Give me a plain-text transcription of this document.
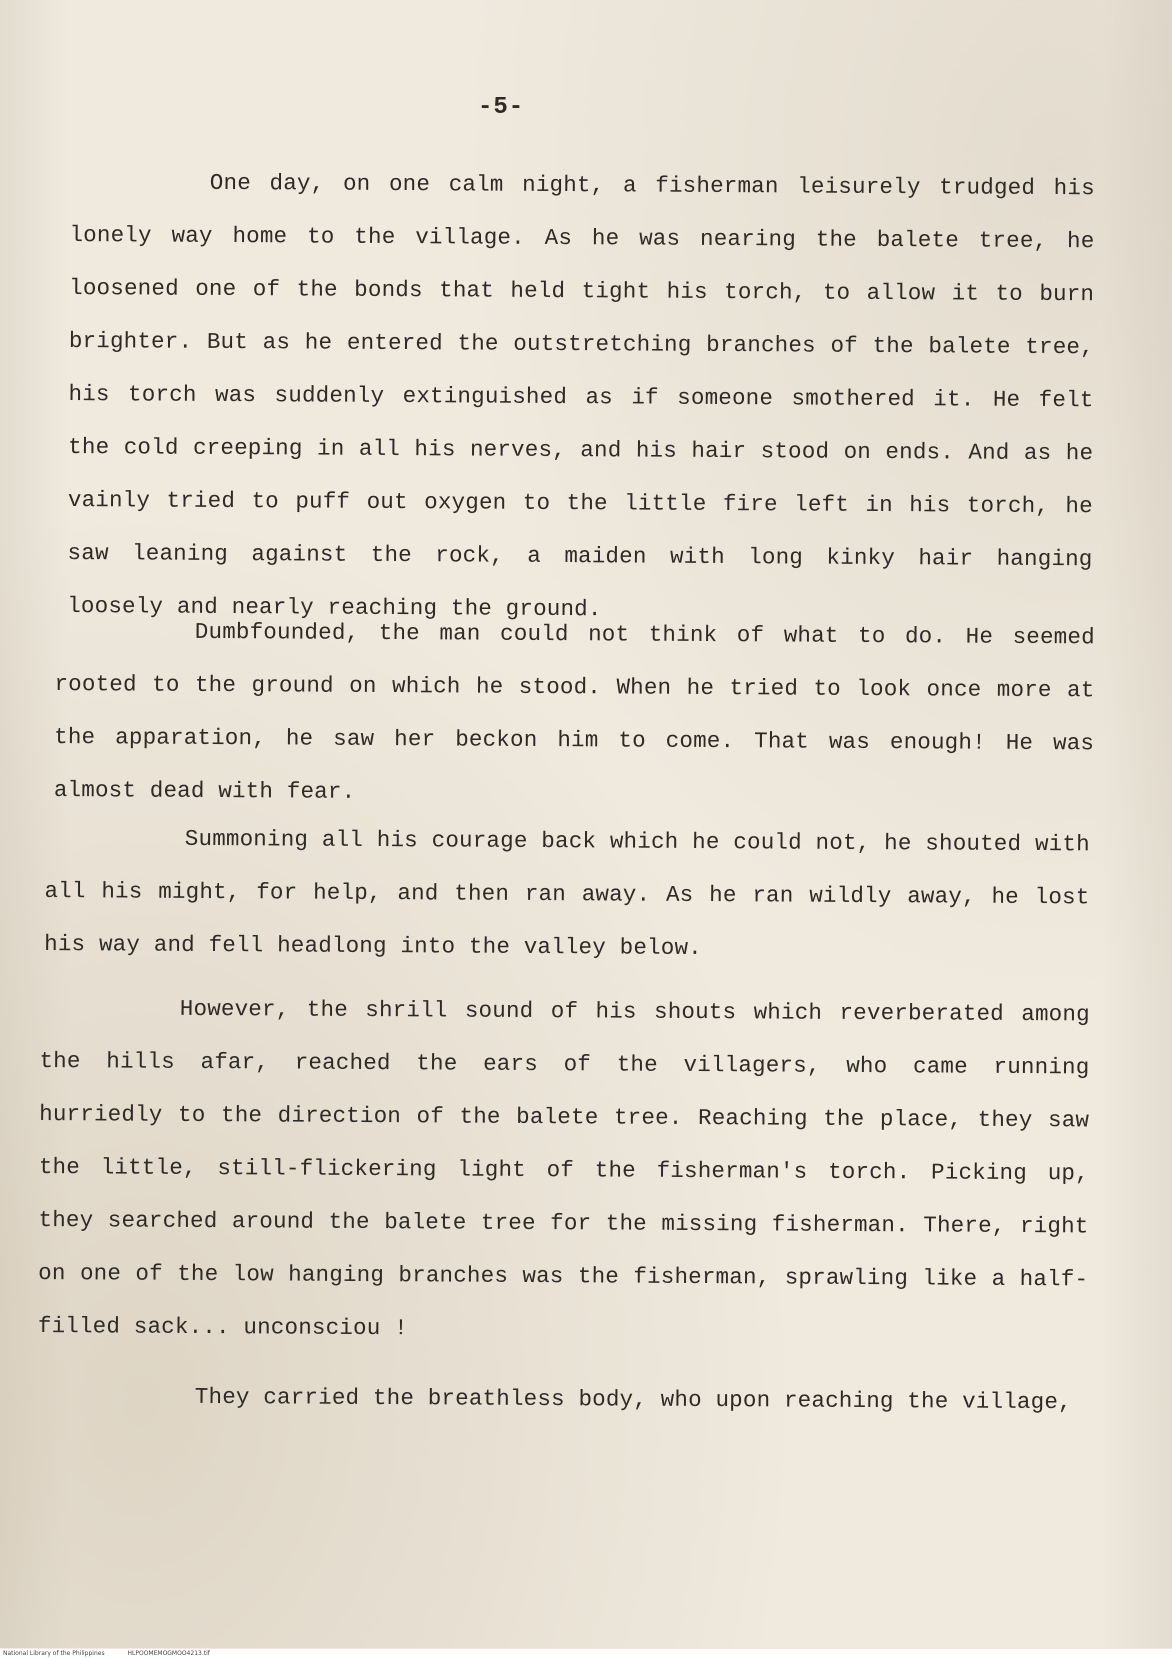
-5-

One day, on one calm night, a fisherman leisurely trudged his lonely way home to the village. As he was nearing the balete tree, he loosened one of the bonds that held tight his torch, to allow it to burn brighter. But as he entered the outstretching branches of the balete tree, his torch was suddenly extinguished as if someone smothered it. He felt the cold creeping in all his nerves, and his hair stood on ends. And as he vainly tried to puff out oxygen to the little fire left in his torch, he saw leaning against the rock, a maiden with long kinky hair hanging loosely and nearly reaching the ground.

Dumbfounded, the man could not think of what to do. He seemed rooted to the ground on which he stood. When he tried to look once more at the apparation, he saw her beckon him to come. That was enough! He was almost dead with fear.

Summoning all his courage back which he could not, he shouted with all his might, for help, and then ran away. As he ran wildly away, he lost his way and fell headlong into the valley below.

However, the shrill sound of his shouts which reverberated among the hills afar, reached the ears of the villagers, who came running hurriedly to the direction of the balete tree. Reaching the place, they saw the little, still-flickering light of the fisherman's torch. Picking up, they searched around the balete tree for the missing fisherman. There, right on one of the low hanging branches was the fisherman, sprawling like a half-filled sack... unconsciou !

They carried the breathless body, who upon reaching the village,

National Library of the Philippines	HLPOOMEMOGMOO4213.tif
